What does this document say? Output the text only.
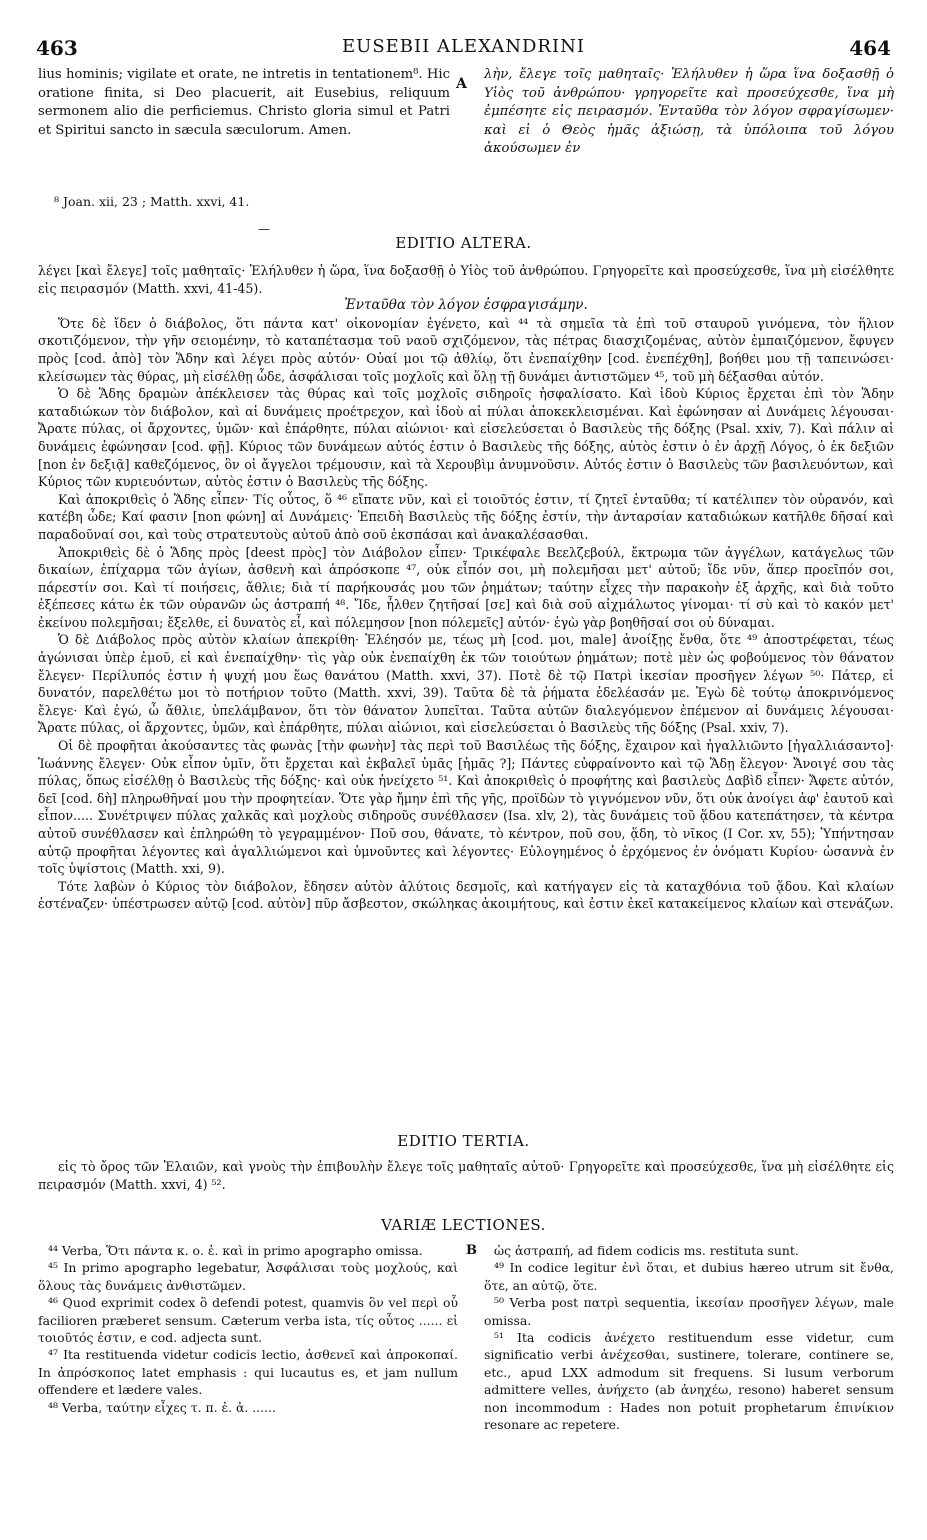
463	EUSEBII ALEXANDRINI	464
lius hominis; vigilate et orate, ne intretis in tentationem⁸. Hic oratione finita, si Deo placuerit, ait Eusebius, reliquum sermonem alio die perficiemus. Christo gloria simul et Patri et Spiritui sancto in sæcula sæculorum. Amen.
A
λὴν, ἔλεγε τοῖς μαθηταῖς· Ἐλήλυθεν ἡ ὥρα ἵνα δοξασθῇ ὁ Υἱὸς τοῦ ἀνθρώπου· γρηγορεῖτε καὶ προσεύχεσθε, ἵνα μὴ ἐμπέσητε εἰς πειρασμόν. Ἐνταῦθα τὸν λόγον σφραγίσωμεν· καὶ εἰ ὁ Θεὸς ἡμᾶς ἀξιώσῃ, τὰ ὑπόλοιπα τοῦ λόγου ἀκούσωμεν ἐν
⁸ Joan. xii, 23 ; Matth. xxvi, 41.
—
EDITIO ALTERA.

λέγει [καὶ ἔλεγε] τοῖς μαθηταῖς· Ἐλήλυθεν ἡ ὥρα, ἵνα δοξασθῇ ὁ Υἱὸς τοῦ ἀνθρώπου. Γρηγορεῖτε καὶ προσεύχεσθε, ἵνα μὴ εἰσέλθητε εἰς πειρασμόν (Matth. xxvi, 41-45).

Ἐνταῦθα τὸν λόγον ἐσφραγισάμην.

Ὅτε δὲ ἴδεν ὁ διάβολος, ὅτι πάντα κατ' οἰκονομίαν ἐγένετο, καὶ ⁴⁴ τὰ σημεῖα τὰ ἐπὶ τοῦ σταυροῦ γινόμενα, τὸν ἥλιον σκοτιζόμενον, τὴν γῆν σειομένην, τὸ καταπέτασμα τοῦ ναοῦ σχιζόμενον, τὰς πέτρας διασχιζομένας, αὐτὸν ἐμπαιζόμενον, ἔφυγεν πρὸς [cod. ἀπὸ] τὸν Ἅδην καὶ λέγει πρὸς αὐτόν· Οὐαί μοι τῷ ἀθλίῳ, ὅτι ἐνεπαίχθην [cod. ἐνεπέχθη], βοήθει μου τῇ ταπεινώσει· κλείσωμεν τὰς θύρας, μὴ εἰσέλθῃ ὧδε, ἀσφάλισαι τοῖς μοχλοῖς καὶ ὅλῃ τῇ δυνάμει ἀντιστῶμεν ⁴⁵, τοῦ μὴ δέξασθαι αὐτόν.

Ὁ δὲ Ἅδης δραμὼν ἀπέκλεισεν τὰς θύρας καὶ τοῖς μοχλοῖς σιδηροῖς ἠσφαλίσατο. Καὶ ἰδοὺ Κύριος ἔρχεται ἐπὶ τὸν Ἅδην καταδιώκων τὸν διάβολον, καὶ αἱ δυνάμεις προέτρεχον, καὶ ἰδοὺ αἱ πύλαι ἀποκεκλεισμέναι. Καὶ ἐφώνησαν αἱ Δυνάμεις λέγουσαι· Ἄρατε πύλας, οἱ ἄρχοντες, ὑμῶν· καὶ ἐπάρθητε, πύλαι αἰώνιοι· καὶ εἰσελεύσεται ὁ Βασιλεὺς τῆς δόξης (Psal. xxiv, 7). Καὶ πάλιν αἱ δυνάμεις ἐφώνησαν [cod. φῇ]. Κύριος τῶν δυνάμεων αὐτός ἐστιν ὁ Βασιλεὺς τῆς δόξης, αὐτὸς ἐστιν ὁ ἐν ἀρχῇ Λόγος, ὁ ἐκ δεξιῶν [non ἐν δεξιᾷ] καθεζόμενος, ὃν οἱ ἄγγελοι τρέμουσιν, καὶ τὰ Χερουβὶμ ἀνυμνοῦσιν. Αὐτός ἐστιν ὁ Βασιλεὺς τῶν βασιλευόντων, καὶ Κύριος τῶν κυριευόντων, αὐτὸς ἐστιν ὁ Βασιλεὺς τῆς δόξης.

Καὶ ἀποκριθεὶς ὁ Ἅδης εἶπεν· Τίς οὗτος, ὅ ⁴⁶ εἴπατε νῦν, καὶ εἰ τοιοῦτός ἐστιν, τί ζητεῖ ἐνταῦθα; τί κατέλιπεν τὸν οὐρανόν, καὶ κατέβη ὧδε; Καί φασιν [non φώνη] αἱ Δυνάμεις· Ἐπειδὴ Βασιλεὺς τῆς δόξης ἐστίν, τὴν ἀνταρσίαν καταδιώκων κατῆλθε δῆσαί καὶ παραδοῦναί σοι, καὶ τοὺς στρατευτοὺς αὐτοῦ ἀπὸ σοῦ ἐκσπάσαι καὶ ἀνακαλέσασθαι.

Ἀποκριθεὶς δὲ ὁ Ἅδης πρὸς [deest πρὸς] τὸν Διάβολον εἶπεν· Τρικέφαλε Βεελζεβούλ, ἔκτρωμα τῶν ἀγγέλων, κατάγελως τῶν δικαίων, ἐπίχαρμα τῶν ἁγίων, ἀσθενὴ καὶ ἀπρόσκοπε ⁴⁷, οὐκ εἶπόν σοι, μὴ πολεμῆσαι μετ' αὐτοῦ; ἴδε νῦν, ἅπερ προεῖπόν σοι, πάρεστίν σοι. Καὶ τί ποιήσεις, ἄθλιε; διὰ τί παρήκουσάς μου τῶν ῥημάτων; ταύτην εἶχες τὴν παρακοὴν ἐξ ἀρχῆς, καὶ διὰ τοῦτο ἐξέπεσες κάτω ἐκ τῶν οὐρανῶν ὡς ἀστραπή ⁴⁸. Ἴδε, ἦλθεν ζητῆσαί [σε] καὶ διὰ σοῦ αἰχμάλωτος γίνομαι· τί σὺ καὶ τὸ κακόν μετ' ἐκείνου πολεμῆσαι; ἔξελθε, εἰ δυνατὸς εἶ, καὶ πόλεμησον [non πόλεμεῖς] αὐτόν· ἐγὼ γὰρ βοηθῆσαί σοι οὐ δύναμαι.

Ὁ δὲ Διάβολος πρὸς αὐτὸν κλαίων ἀπεκρίθη· Ἐλέησόν με, τέως μὴ [cod. μοι, male] ἀνοίξῃς ἔνθα, ὅτε ⁴⁹ ἀποστρέφεται, τέως ἀγώνισαι ὑπὲρ ἐμοῦ, εἰ καὶ ἐνεπαίχθην· τὶς γὰρ οὐκ ἐνεπαίχθη ἐκ τῶν τοιούτων ῥημάτων; ποτὲ μὲν ὡς φοβούμενος τὸν θάνατον ἔλεγεν· Περίλυπός ἐστιν ἡ ψυχή μου ἕως θανάτου (Matth. xxvi, 37). Ποτὲ δὲ τῷ Πατρὶ ἱκεσίαν προσῆγεν λέγων ⁵⁰· Πάτερ, εἰ δυνατόν, παρελθέτω μοι τὸ ποτήριον τοῦτο (Matth. xxvi, 39). Ταῦτα δὲ τὰ ῥήματα ἐδελέασάν με. Ἐγὼ δὲ τούτῳ ἀποκρινόμενος ἔλεγε· Καὶ ἐγώ, ὦ ἄθλιε, ὑπελάμβανον, ὅτι τὸν θάνατον λυπεῖται. Ταῦτα αὐτῶν διαλεγόμενον ἐπέμενον αἱ δυνάμεις λέγουσαι· Ἄρατε πύλας, οἱ ἄρχοντες, ὑμῶν, καὶ ἐπάρθητε, πύλαι αἰώνιοι, καὶ εἰσελεύσεται ὁ Βασιλεὺς τῆς δόξης (Psal. xxiv, 7).

Οἱ δὲ προφῆται ἀκούσαντες τὰς φωνὰς [τὴν φωνὴν] τὰς περὶ τοῦ Βασιλέως τῆς δόξης, ἔχαιρον καὶ ἠγαλλιῶντο [ἠγαλλιάσαντο]· Ἰωάννης ἔλεγεν· Οὐκ εἶπον ὑμῖν, ὅτι ἔρχεται καὶ ἐκβαλεῖ ὑμᾶς [ἡμᾶς ?]; Πάντες εὐφραίνοντο καὶ τῷ Ἅδῃ ἔλεγον· Ἄνοιγέ σου τὰς πύλας, ὅπως εἰσέλθῃ ὁ Βασιλεὺς τῆς δόξης· καὶ οὐκ ἠνείχετο ⁵¹. Καὶ ἀποκριθεὶς ὁ προφήτης καὶ βασιλεὺς Δαβὶδ εἶπεν· Ἄφετε αὐτόν, δεῖ [cod. δὴ] πληρωθῆναί μου τὴν προφητείαν. Ὅτε γὰρ ἤμην ἐπὶ τῆς γῆς, προϊδὼν τὸ γιγνόμενον νῦν, ὅτι οὐκ ἀνοίγει ἀφ' ἑαυτοῦ καὶ εἶπον..... Συνέτριψεν πύλας χαλκᾶς καὶ μοχλοὺς σιδηροῦς συνέθλασεν (Isa. xlv, 2), τὰς δυνάμεις τοῦ ᾅδου κατεπάτησεν, τὰ κέντρα αὐτοῦ συνέθλασεν καὶ ἐπληρώθη τὸ γεγραμμένον· Ποῦ σου, θάνατε, τὸ κέντρον, ποῦ σου, ᾅδη, τὸ νῖκος (I Cor. xv, 55); Ὑπήντησαν αὐτῷ προφῆται λέγοντες καὶ ἀγαλλιώμενοι καὶ ὑμνοῦντες καὶ λέγοντες· Εὐλογημένος ὁ ἐρχόμενος ἐν ὀνόματι Κυρίου· ὡσαννὰ ἐν τοῖς ὑψίστοις (Matth. xxi, 9).

Τότε λαβὼν ὁ Κύριος τὸν διάβολον, ἔδησεν αὐτὸν ἁλύτοις δεσμοῖς, καὶ κατήγαγεν εἰς τὰ καταχθόνια τοῦ ᾅδου. Καὶ κλαίων ἐστέναζεν· ὑπέστρωσεν αὐτῷ [cod. αὐτὸν] πῦρ ἄσβεστον, σκώληκας ἀκοιμήτους, καὶ ἐστιν ἐκεῖ κατακείμενος κλαίων καὶ στενάζων.

EDITIO TERTIA.

εἰς τὸ ὄρος τῶν Ἐλαιῶν, καὶ γνοὺς τὴν ἐπιβουλὴν ἔλεγε τοῖς μαθηταῖς αὐτοῦ· Γρηγορεῖτε καὶ προσεύχεσθε, ἵνα μὴ εἰσέλθητε εἰς πειρασμόν (Matth. xxvi, 4) ⁵².

VARIÆ LECTIONES.

⁴⁴ Verba, Ὅτι πάντα κ. ο. ἐ. καὶ in primo apographo omissa.

⁴⁵ In primo apographo legebatur, Ἀσφάλισαι τοὺς μοχλούς, καὶ ὅλους τὰς δυνάμεις ἀνθιστῶμεν.

⁴⁶ Quod exprimit codex ὃ defendi potest, quamvis ὃν vel περὶ οὗ facilioren præberet sensum. Cæterum verba ista, τίς οὗτος ...... εἰ τοιοῦτός ἐστιν, e cod. adjecta sunt.

⁴⁷ Ita restituenda videtur codicis lectio, ἀσθενεῖ καὶ ἀπροκοπαί. In ἀπρόσκοπος latet emphasis : qui lucautus es, et jam nullum offendere et lædere vales.

⁴⁸ Verba, ταύτην εἶχες τ. π. ἐ. ἀ. ......

B	ὡς ἀστραπή, ad fidem codicis ms. restituta sunt.

⁴⁹ In codice legitur ἐνὶ ὅται, et dubius hæreo utrum sit ἔνθα, ὅτε, an αὐτῷ, ὅτε.

⁵⁰ Verba post πατρὶ sequentia, ἱκεσίαν προσῆγεν λέγων, male omissa.

⁵¹ Ita codicis ἀνέχετο restituendum esse videtur, cum significatio verbi ἀνέχεσθαι, sustinere, tolerare, continere se, etc., apud LXX admodum sit frequens. Si lusum verborum admittere velles, ἀνήχετο (ab ἀνηχέω, resono) haberet sensum non incommodum : Hades non potuit prophetarum ἐπινίκιον resonare ac repetere.
